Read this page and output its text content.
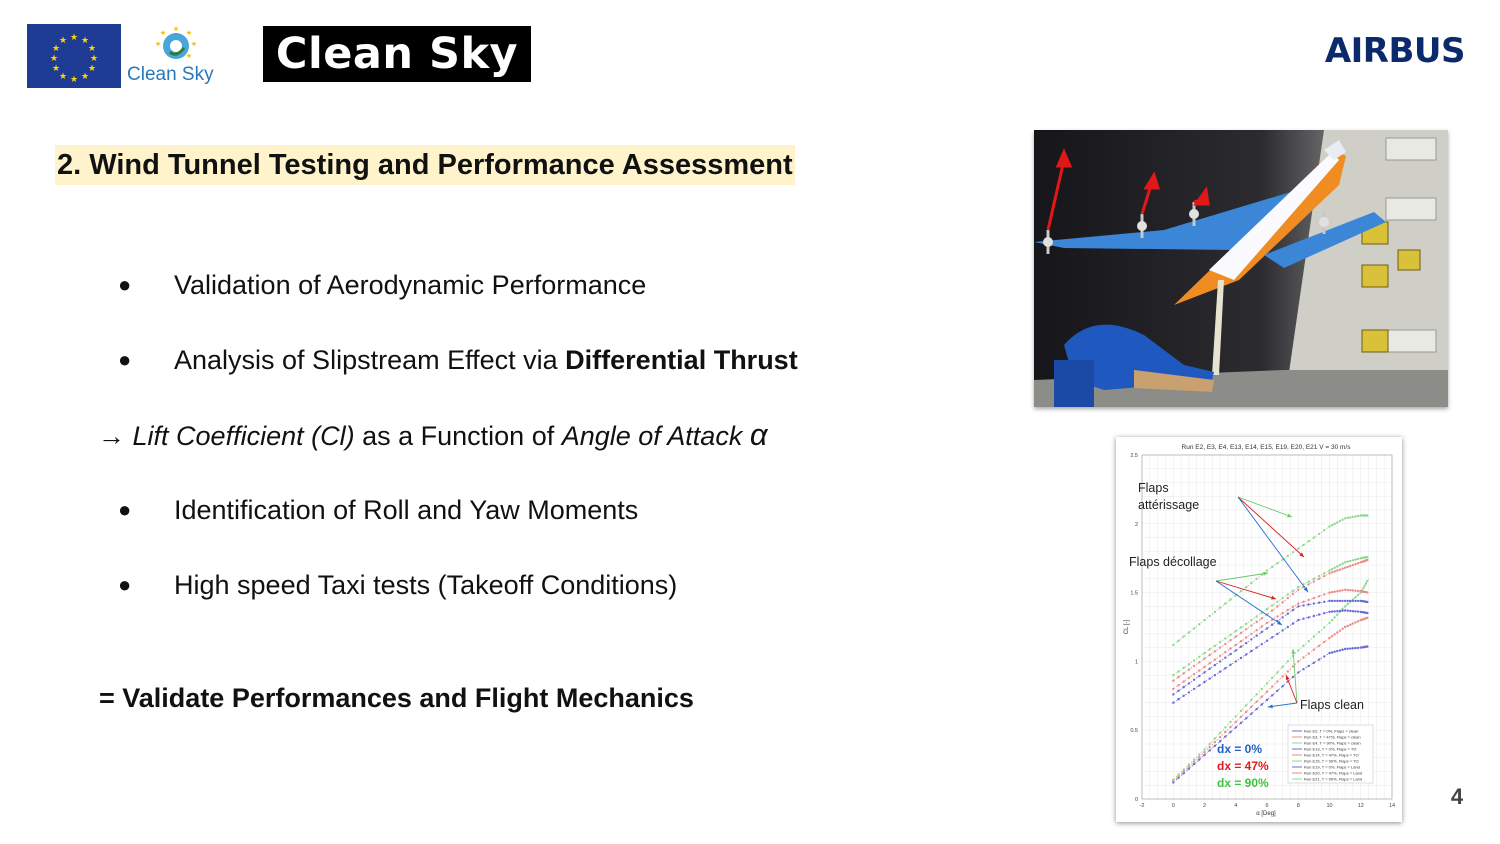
★ ★
★
★
★
★
★
★
★
★
★
★
★ ★
★
★
★
★
Clean Sky	Clean Sky 2
AIRBUS
2. Wind Tunnel Testing and Performance Assessment
● Validation of Aerodynamic Performance
● Analysis of Slipstream Effect via Differential Thrust
→ Lift Coefficient (Cl) as a Function of Angle of Attack α
● Identification of Roll and Yaw Moments
● High speed Taxi tests (Takeoff Conditions)
= Validate Performances and Flight Mechanics
Run E2, E3, E4, E13, E14, E15, E19, E20, E21 V = 30 m/s
-2	0	2	4	6	8	10	12	14
0
0.5
1
1.5
2
2.5
Flaps
attérissage
Flaps décollage
Flaps clean
dx = 0%
dx = 47%
dx = 90%
Run E2, T = 0%, Flaps = clean
Run E3, T = 47%, Flaps = clean
Run E4, T = 90%, Flaps = clean
Run E13, T = 0%, Flaps = TO
Run E14, T = 47%, Flaps = TO
Run E15, T = 90%, Flaps = TO
Run E19, T = 0%, Flaps = Land
Run E20, T = 47%, Flaps = Land
Run E21, T = 90%, Flaps = Land
α [Deg]
CL [-]
4
